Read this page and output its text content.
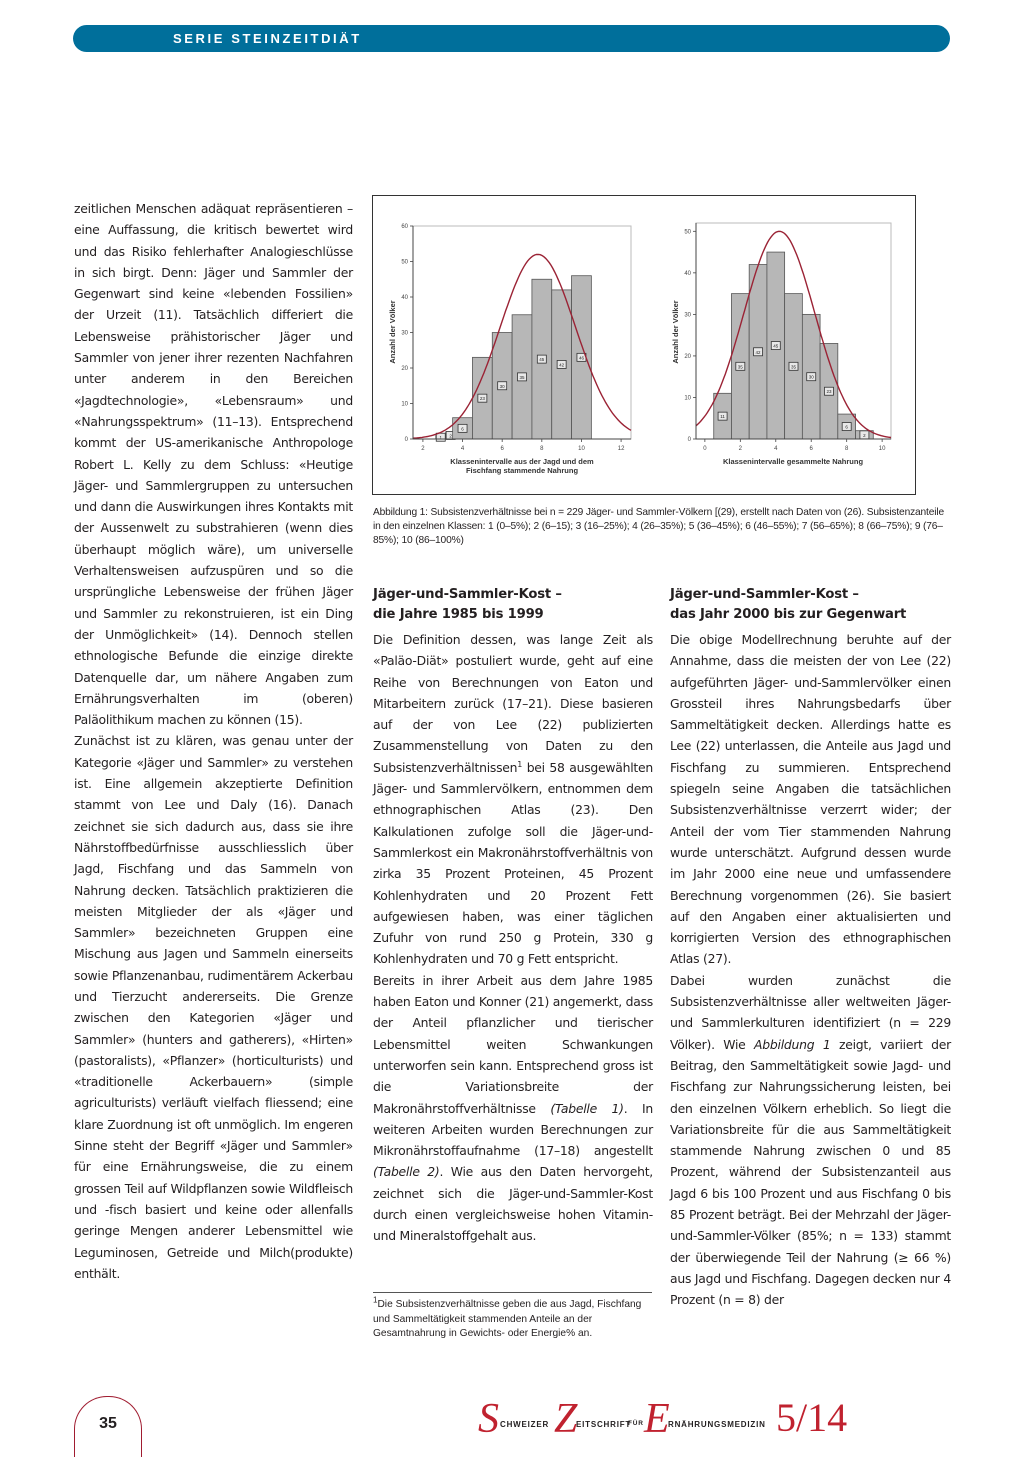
SERIE STEINZEITDIÄT

zeitlichen Menschen adäquat repräsentieren – eine Auffassung, die kritisch bewertet wird und das Risiko fehlerhafter Analogieschlüsse in sich birgt. Denn: Jäger und Sammler der Gegenwart sind keine «lebenden Fossilien» der Urzeit (11). Tatsächlich differiert die Lebensweise prähistorischer Jäger und Sammler von jener ihrer rezenten Nachfahren unter anderem in den Bereichen «Jagdtechnologie», «Lebensraum» und «Nahrungsspektrum» (11–13). Entsprechend kommt der US-amerikanische Anthropologe Robert L. Kelly zu dem Schluss: «Heutige Jäger- und Sammlergruppen zu untersuchen und dann die Auswirkungen ihres Kontakts mit der Aussenwelt zu substrahieren (wenn dies überhaupt möglich wäre), um universelle Verhaltensweisen aufzuspüren und so die ursprüngliche Lebensweise der frühen Jäger und Sammler zu rekonstruieren, ist ein Ding der Unmöglichkeit» (14). Dennoch stellen ethnologische Befunde die einzige direkte Datenquelle dar, um nähere Angaben zum Ernährungsverhalten im (oberen) Paläolithikum machen zu können (15).

Zunächst ist zu klären, was genau unter der Kategorie «Jäger und Sammler» zu verstehen ist. Eine allgemein akzeptierte Definition stammt von Lee und Daly (16). Danach zeichnet sie sich dadurch aus, dass sie ihre Nährstoffbedürfnisse ausschliesslich über Jagd, Fischfang und das Sammeln von Nahrung decken. Tatsächlich praktizieren die meisten Mitglieder der als «Jäger und Sammler» bezeichneten Gruppen eine Mischung aus Jagen und Sammeln einerseits sowie Pflanzenanbau, rudimentärem Ackerbau und Tierzucht andererseits. Die Grenze zwischen den Kategorien «Jäger und Sammler» (hunters and gatherers), «Hirten» (pastoralists), «Pflanzer» (horticulturists) und «traditionelle Ackerbauern» (simple agriculturists) verläuft vielfach fliessend; eine klare Zuordnung ist oft unmöglich. Im engeren Sinne steht der Begriff «Jäger und Sammler» für eine Ernährungsweise, die zu einem grossen Teil auf Wildpflanzen sowie Wildfleisch und -fisch basiert und keine oder allenfalls geringe Mengen anderer Lebensmittel wie Leguminosen, Getreide und Milch(produkte) enthält.

1 2
6
23
30
35
45
42
46
2	4	6	8	10	12
0
10
20
30
40
50
60
Klassenintervalle aus der Jagd und dem
Fischfang stammende Nahrung
Anzahl der Völker
11
35
42
45
35
30
23
6
2
0	2	4	6	8	10
0
10
20
30
40
50
Klassenintervalle gesammelte Nahrung
Anzahl der Völker
Abbildung 1: Subsistenzverhältnisse bei n = 229 Jäger- und Sammler-Völkern [(29), erstellt nach Daten von (26). Subsistenzanteile in den einzelnen Klassen: 1 (0–5%); 2 (6–15); 3 (16–25%); 4 (26–35%); 5 (36–45%); 6 (46–55%); 7 (56–65%); 8 (66–75%); 9 (76–85%); 10 (86–100%)
Jäger-und-Sammler-Kost –
die Jahre 1985 bis 1999

Die Definition dessen, was lange Zeit als «Paläo-Diät» postuliert wurde, geht auf eine Reihe von Berechnungen von Eaton und Mitarbeitern zurück (17–21). Diese basieren auf der von Lee (22) publizierten Zusammenstellung von Daten zu den Subsistenzverhältnissen$^1$ bei 58 ausgewählten Jäger- und Sammlervölkern, entnommen dem ethnographischen Atlas (23). Den Kalkulationen zufolge soll die Jäger-und-Sammlerkost ein Makronährstoffverhältnis von zirka 35 Prozent Proteinen, 45 Prozent Kohlenhydraten und 20 Prozent Fett aufgewiesen haben, was einer täglichen Zufuhr von rund 250 g Protein, 330 g Kohlenhydraten und 70 g Fett entspricht.

Bereits in ihrer Arbeit aus dem Jahre 1985 haben Eaton und Konner (21) angemerkt, dass der Anteil pflanzlicher und tierischer Lebensmittel weiten Schwankungen unterworfen sein kann. Entsprechend gross ist die Variationsbreite der Makronährstoffverhältnisse (Tabelle 1). In weiteren Arbeiten wurden Berechnungen zur Mikronährstoffaufnahme (17–18) angestellt (Tabelle 2). Wie aus den Daten hervorgeht, zeichnet sich die Jäger-und-Sammler-Kost durch einen vergleichsweise hohen Vitamin- und Mineralstoffgehalt aus.

$^1$Die Subsistenzverhältnisse geben die aus Jagd, Fischfang und Sammeltätigkeit stammenden Anteile an der Gesamtnahrung in Gewichts- oder Energie% an.
Jäger-und-Sammler-Kost –
das Jahr 2000 bis zur Gegenwart

Die obige Modellrechnung beruhte auf der Annahme, dass die meisten der von Lee (22) aufgeführten Jäger- und-Sammlervölker einen Grossteil ihres Nahrungsbedarfs über Sammeltätigkeit decken. Allerdings hatte es Lee (22) unterlassen, die Anteile aus Jagd und Fischfang zu summieren. Entsprechend spiegeln seine Angaben die tatsächlichen Subsistenzverhältnisse verzerrt wider; der Anteil der vom Tier stammenden Nahrung wurde unterschätzt. Aufgrund dessen wurde im Jahr 2000 eine neue und umfassendere Berechnung vorgenommen (26). Sie basiert auf den Angaben einer aktualisierten und korrigierten Version des ethnographischen Atlas (27).

Dabei wurden zunächst die Subsistenzverhältnisse aller weltweiten Jäger- und Sammlerkulturen identifiziert (n = 229 Völker). Wie Abbildung 1 zeigt, variiert der Beitrag, den Sammeltätigkeit sowie Jagd- und Fischfang zur Nahrungssicherung leisten, bei den einzelnen Völkern erheblich. So liegt die Variationsbreite für die aus Sammeltätigkeit stammende Nahrung zwischen 0 und 85 Prozent, während der Subsistenzanteil aus Jagd 6 bis 100 Prozent und aus Fischfang 0 bis 85 Prozent beträgt. Bei der Mehrzahl der Jäger-und-Sammler-Völker (85%; n = 133) stammt der überwiegende Teil der Nahrung (≥ 66 %) aus Jagd und Fischfang. Dagegen decken nur 4 Prozent (n = 8) der

35	S CHWEIZER Z
EITSCHRIFT
FÜR E
RNÄHRUNGSMEDIZIN 5/14
